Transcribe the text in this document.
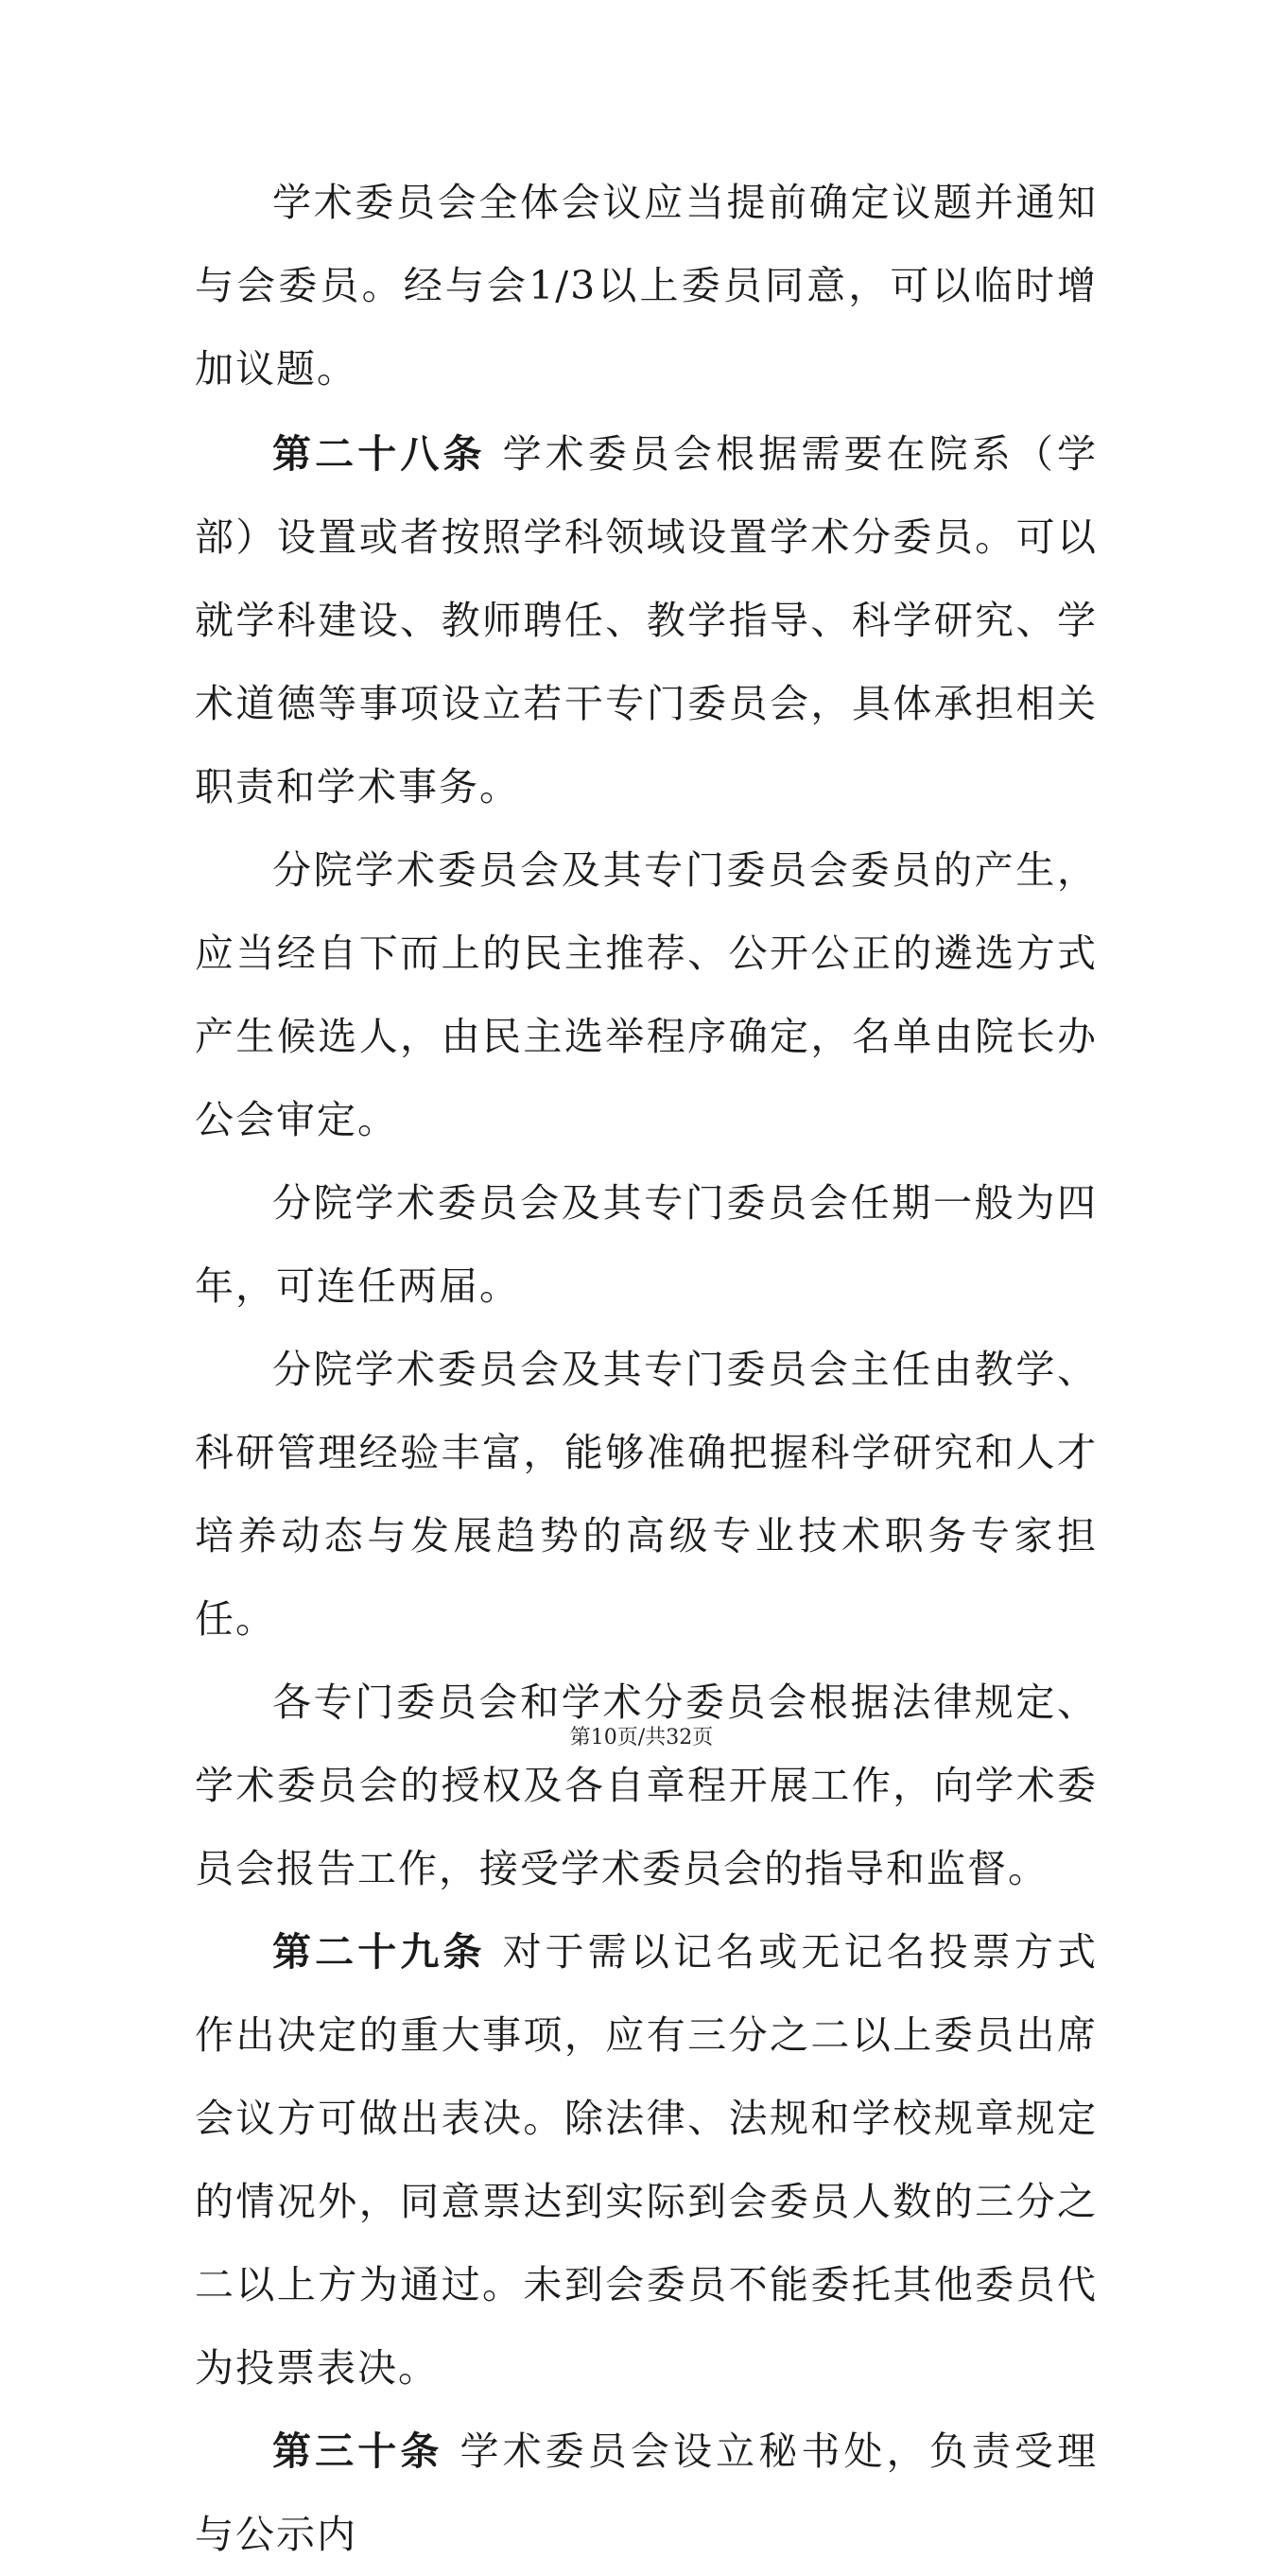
学术委员会全体会议应当提前确定议题并通知与会委员。经与会1/3以上委员同意，可以临时增加议题。

第二十八条 学术委员会根据需要在院系（学部）设置或者按照学科领域设置学术分委员。可以就学科建设、教师聘任、教学指导、科学研究、学术道德等事项设立若干专门委员会，具体承担相关职责和学术事务。

分院学术委员会及其专门委员会委员的产生，应当经自下而上的民主推荐、公开公正的遴选方式产生候选人，由民主选举程序确定，名单由院长办公会审定。

分院学术委员会及其专门委员会任期一般为四年，可连任两届。

分院学术委员会及其专门委员会主任由教学、科研管理经验丰富，能够准确把握科学研究和人才培养动态与发展趋势的高级专业技术职务专家担任。

各专门委员会和学术分委员会根据法律规定、学术委员会的授权及各自章程开展工作，向学术委员会报告工作，接受学术委员会的指导和监督。

第二十九条 对于需以记名或无记名投票方式作出决定的重大事项，应有三分之二以上委员出席会议方可做出表决。除法律、法规和学校规章规定的情况外，同意票达到实际到会委员人数的三分之二以上方为通过。未到会委员不能委托其他委员代为投票表决。

第三十条 学术委员会设立秘书处，负责受理与公示内

第10页/共32页
